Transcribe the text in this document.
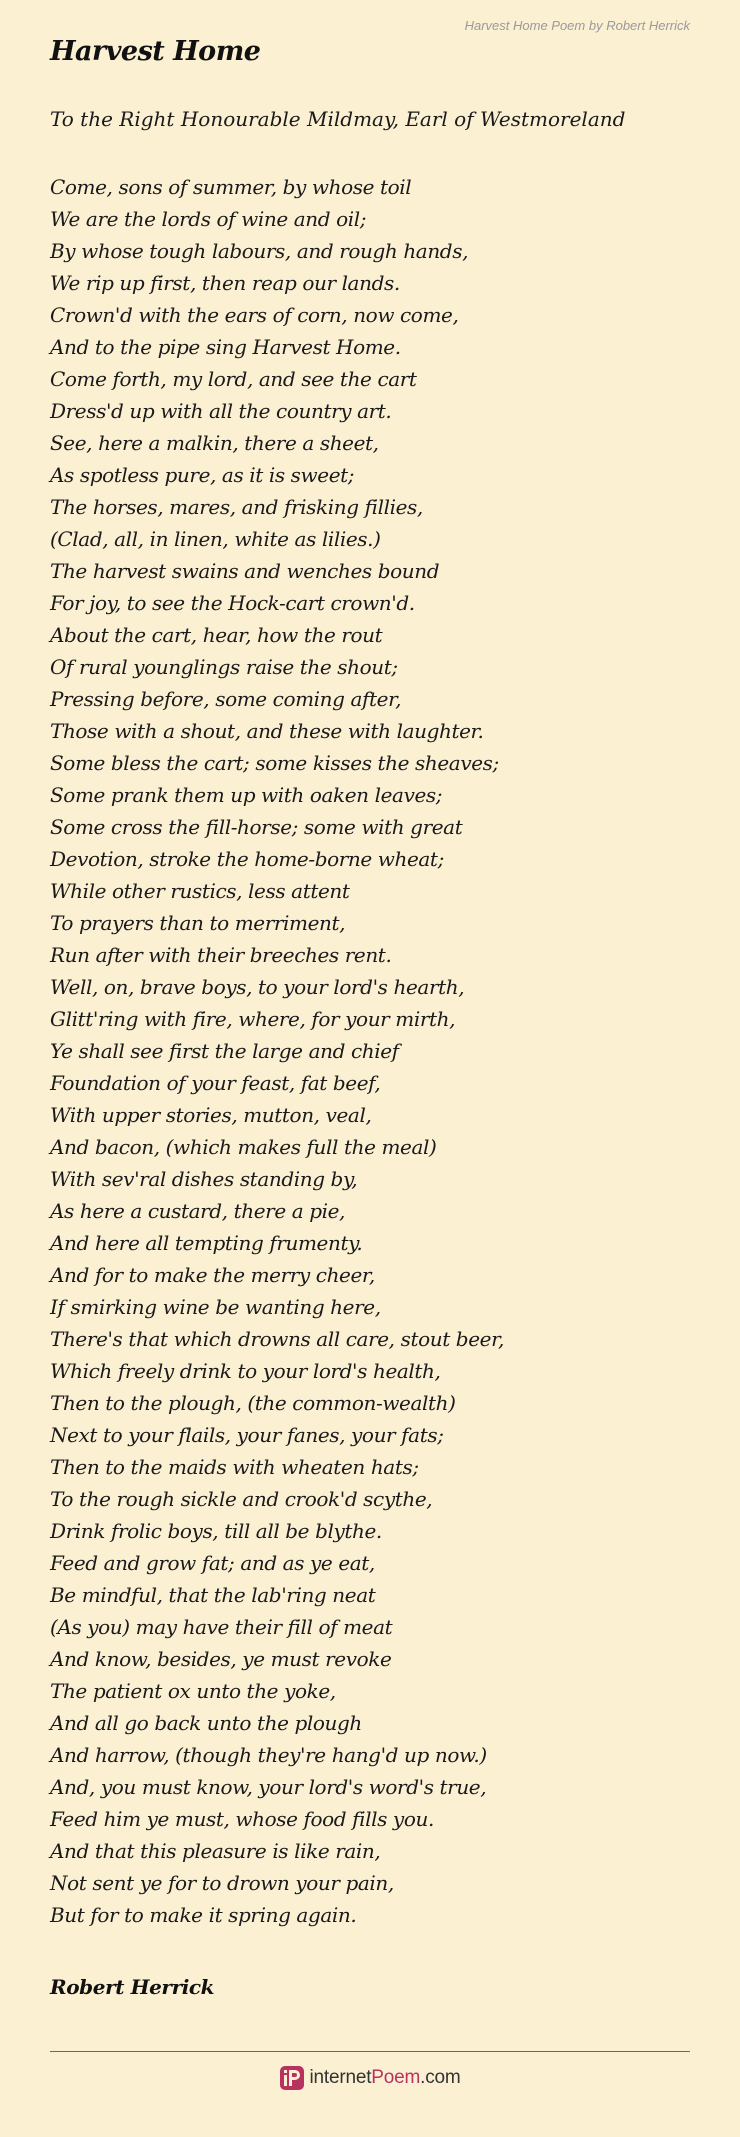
Harvest Home Poem by Robert Herrick
Harvest Home

To the Right Honourable Mildmay, Earl of Westmoreland

Come, sons of summer, by whose toil
We are the lords of wine and oil;
By whose tough labours, and rough hands,
We rip up first, then reap our lands.
Crown'd with the ears of corn, now come,
And to the pipe sing Harvest Home.
Come forth, my lord, and see the cart
Dress'd up with all the country art.
See, here a malkin, there a sheet,
As spotless pure, as it is sweet;
The horses, mares, and frisking fillies,
(Clad, all, in linen, white as lilies.)
The harvest swains and wenches bound
For joy, to see the Hock-cart crown'd.
About the cart, hear, how the rout
Of rural younglings raise the shout;
Pressing before, some coming after,
Those with a shout, and these with laughter.
Some bless the cart; some kisses the sheaves;
Some prank them up with oaken leaves;
Some cross the fill-horse; some with great
Devotion, stroke the home-borne wheat;
While other rustics, less attent
To prayers than to merriment,
Run after with their breeches rent.
Well, on, brave boys, to your lord's hearth,
Glitt'ring with fire, where, for your mirth,
Ye shall see first the large and chief
Foundation of your feast, fat beef,
With upper stories, mutton, veal,
And bacon, (which makes full the meal)
With sev'ral dishes standing by,
As here a custard, there a pie,
And here all tempting frumenty.
And for to make the merry cheer,
If smirking wine be wanting here,
There's that which drowns all care, stout beer,
Which freely drink to your lord's health,
Then to the plough, (the common-wealth)
Next to your flails, your fanes, your fats;
Then to the maids with wheaten hats;
To the rough sickle and crook'd scythe,
Drink frolic boys, till all be blythe.
Feed and grow fat; and as ye eat,
Be mindful, that the lab'ring neat
(As you) may have their fill of meat
And know, besides, ye must revoke
The patient ox unto the yoke,
And all go back unto the plough
And harrow, (though they're hang'd up now.)
And, you must know, your lord's word's true,
Feed him ye must, whose food fills you.
And that this pleasure is like rain,
Not sent ye for to drown your pain,
But for to make it spring again.
Robert Herrick
internetPoem.com
